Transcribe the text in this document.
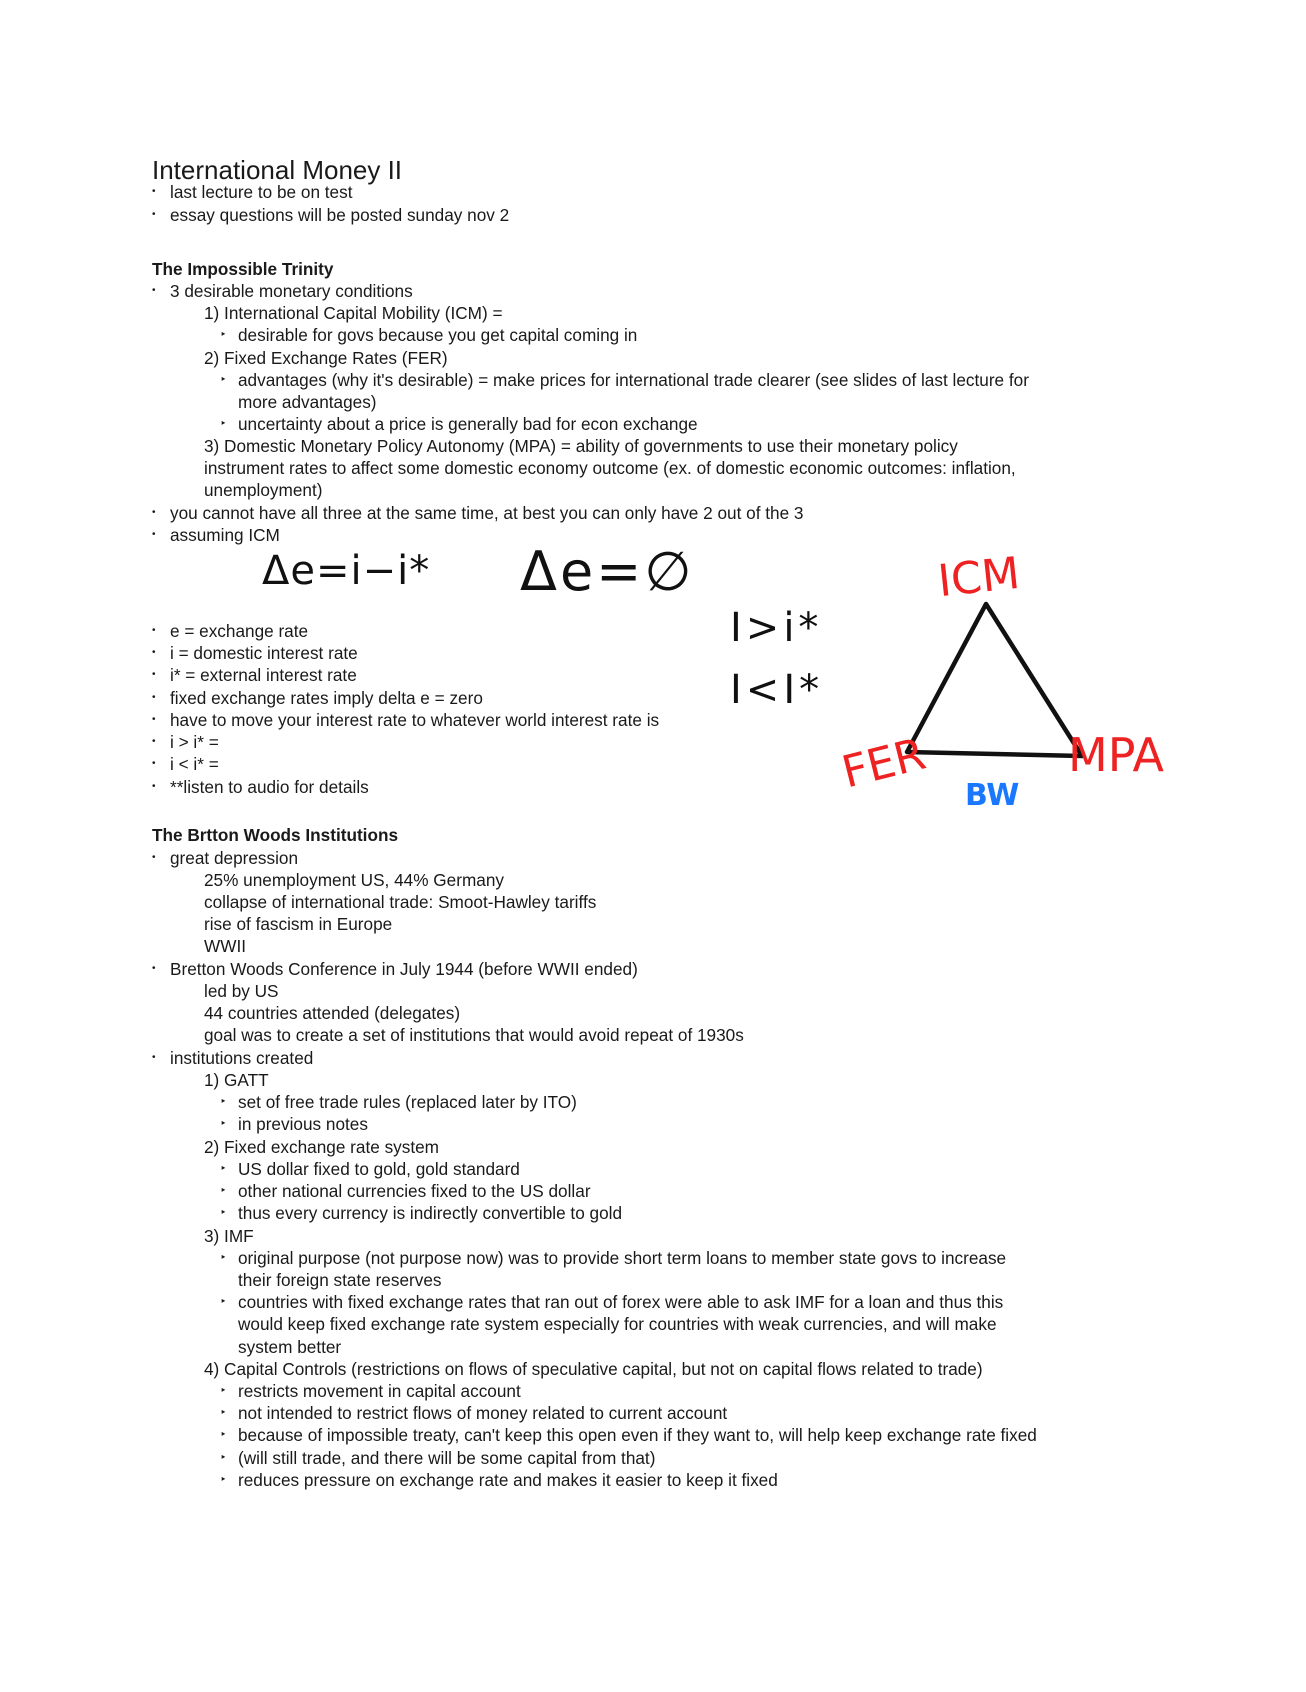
International Money II
• last lecture to be on test
• essay questions will be posted sunday nov 2
The Impossible Trinity
• 3 desirable monetary conditions
1) International Capital Mobility (ICM) =
‣ desirable for govs because you get capital coming in
2) Fixed Exchange Rates (FER)
‣ advantages (why it's desirable) = make prices for international trade clearer (see slides of last lecture for
more advantages)
‣ uncertainty about a price is generally bad for econ exchange
3) Domestic Monetary Policy Autonomy (MPA) = ability of governments to use their monetary policy
instrument rates to affect some domestic economy outcome (ex. of domestic economic outcomes: inflation,
unemployment)
• you cannot have all three at the same time, at best you can only have 2 out of the 3
• assuming ICM
• e = exchange rate
• i = domestic interest rate
• i* = external interest rate
• fixed exchange rates imply delta e = zero
• have to move your interest rate to whatever world interest rate is
• i > i* =
• i < i* =
• **listen to audio for details
The Brtton Woods Institutions
• great depression
25% unemployment US, 44% Germany
collapse of international trade: Smoot-Hawley tariffs
rise of fascism in Europe
WWII
• Bretton Woods Conference in July 1944 (before WWII ended)
led by US
44 countries attended (delegates)
goal was to create a set of institutions that would avoid repeat of 1930s
• institutions created
1) GATT
‣ set of free trade rules (replaced later by ITO)
‣ in previous notes
2) Fixed exchange rate system
‣ US dollar fixed to gold, gold standard
‣ other national currencies fixed to the US dollar
‣ thus every currency is indirectly convertible to gold
3) IMF
‣ original purpose (not purpose now) was to provide short term loans to member state govs to increase
their foreign state reserves
‣ countries with fixed exchange rates that ran out of forex were able to ask IMF for a loan and thus this
would keep fixed exchange rate system especially for countries with weak currencies, and will make
system better
4) Capital Controls (restrictions on flows of speculative capital, but not on capital flows related to trade)
‣ restricts movement in capital account
‣ not intended to restrict flows of money related to current account
‣ because of impossible treaty, can't keep this open even if they want to, will help keep exchange rate fixed
‣ (will still trade, and there will be some capital from that)
‣ reduces pressure on exchange rate and makes it easier to keep it fixed
Δe=i−i* Δe=∅
I>i*
I<I*
ICM
FER	MPA
BW
